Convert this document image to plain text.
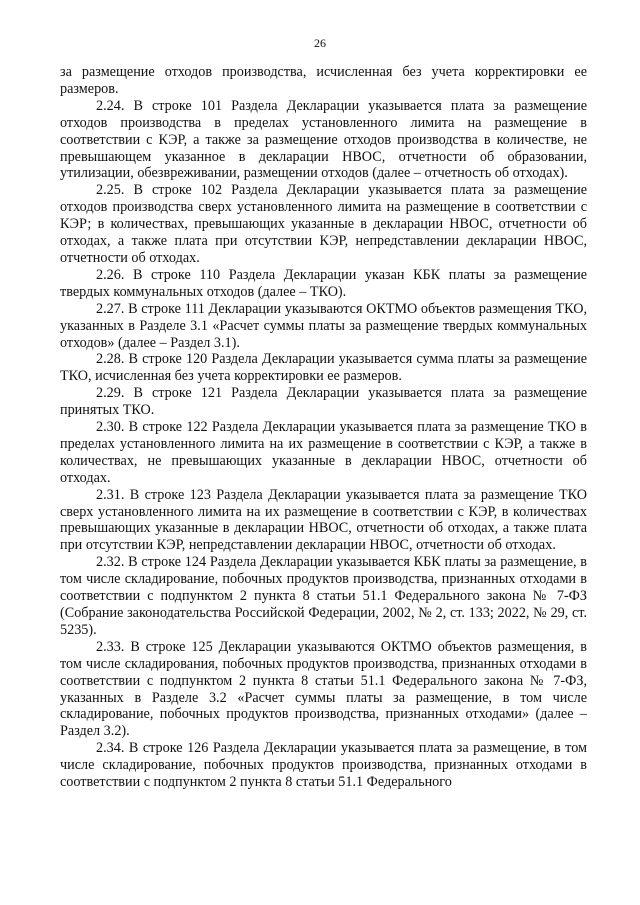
26

за размещение отходов производства, исчисленная без учета корректировки ее размеров.

2.24. В строке 101 Раздела Декларации указывается плата за размещение отходов производства в пределах установленного лимита на размещение в соответствии с КЭР, а также за размещение отходов производства в количестве, не превышающем указанное в декларации НВОС, отчетности об образовании, утилизации, обезвреживании, размещении отходов (далее – отчетность об отходах).

2.25. В строке 102 Раздела Декларации указывается плата за размещение отходов производства сверх установленного лимита на размещение в соответствии с КЭР; в количествах, превышающих указанные в декларации НВОС, отчетности об отходах, а также плата при отсутствии КЭР, непредставлении декларации НВОС, отчетности об отходах.

2.26. В строке 110 Раздела Декларации указан КБК платы за размещение твердых коммунальных отходов (далее – ТКО).

2.27. В строке 111 Декларации указываются ОКТМО объектов размещения ТКО, указанных в Разделе 3.1 «Расчет суммы платы за размещение твердых коммунальных отходов» (далее – Раздел 3.1).

2.28. В строке 120 Раздела Декларации указывается сумма платы за размещение ТКО, исчисленная без учета корректировки ее размеров.

2.29. В строке 121 Раздела Декларации указывается плата за размещение принятых ТКО.

2.30. В строке 122 Раздела Декларации указывается плата за размещение ТКО в пределах установленного лимита на их размещение в соответствии с КЭР, а также в количествах, не превышающих указанные в декларации НВОС, отчетности об отходах.

2.31. В строке 123 Раздела Декларации указывается плата за размещение ТКО сверх установленного лимита на их размещение в соответствии с КЭР, в количествах превышающих указанные в декларации НВОС, отчетности об отходах, а также плата при отсутствии КЭР, непредставлении декларации НВОС, отчетности об отходах.

2.32. В строке 124 Раздела Декларации указывается КБК платы за размещение, в том числе складирование, побочных продуктов производства, признанных отходами в соответствии с подпунктом 2 пункта 8 статьи 51.1 Федерального закона № 7-ФЗ (Собрание законодательства Российской Федерации, 2002, № 2, ст. 133; 2022, № 29, ст. 5235).

2.33. В строке 125 Декларации указываются ОКТМО объектов размещения, в том числе складирования, побочных продуктов производства, признанных отходами в соответствии с подпунктом 2 пункта 8 статьи 51.1 Федерального закона № 7-ФЗ, указанных в Разделе 3.2 «Расчет суммы платы за размещение, в том числе складирование, побочных продуктов производства, признанных отходами» (далее – Раздел 3.2).

2.34. В строке 126 Раздела Декларации указывается плата за размещение, в том числе складирование, побочных продуктов производства, признанных отходами в соответствии с подпунктом 2 пункта 8 статьи 51.1 Федерального
